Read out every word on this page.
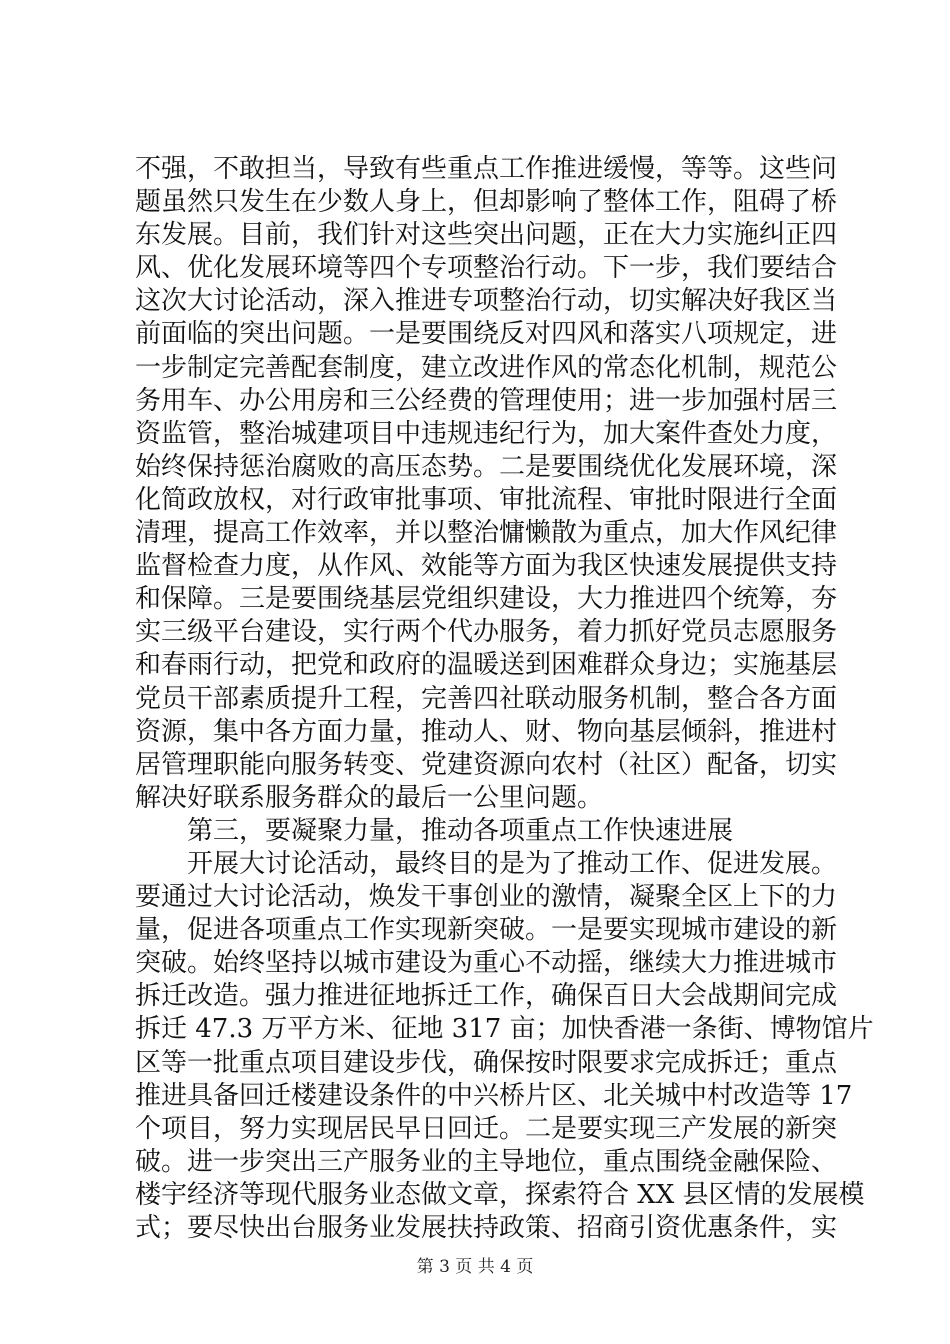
不强，不敢担当，导致有些重点工作推进缓慢，等等。这些问
题虽然只发生在少数人身上，但却影响了整体工作，阻碍了桥
东发展。目前，我们针对这些突出问题，正在大力实施纠正四
风、优化发展环境等四个专项整治行动。下一步，我们要结合
这次大讨论活动，深入推进专项整治行动，切实解决好我区当
前面临的突出问题。一是要围绕反对四风和落实八项规定，进
一步制定完善配套制度，建立改进作风的常态化机制，规范公
务用车、办公用房和三公经费的管理使用；进一步加强村居三
资监管，整治城建项目中违规违纪行为，加大案件查处力度，
始终保持惩治腐败的高压态势。二是要围绕优化发展环境，深
化简政放权，对行政审批事项、审批流程、审批时限进行全面
清理，提高工作效率，并以整治慵懒散为重点，加大作风纪律
监督检查力度，从作风、效能等方面为我区快速发展提供支持
和保障。三是要围绕基层党组织建设，大力推进四个统筹，夯
实三级平台建设，实行两个代办服务，着力抓好党员志愿服务
和春雨行动，把党和政府的温暖送到困难群众身边；实施基层
党员干部素质提升工程，完善四社联动服务机制，整合各方面
资源，集中各方面力量，推动人、财、物向基层倾斜，推进村
居管理职能向服务转变、党建资源向农村（社区）配备，切实
解决好联系服务群众的最后一公里问题。
第三，要凝聚力量，推动各项重点工作快速进展
开展大讨论活动，最终目的是为了推动工作、促进发展。
要通过大讨论活动，焕发干事创业的激情，凝聚全区上下的力
量，促进各项重点工作实现新突破。一是要实现城市建设的新
突破。始终坚持以城市建设为重心不动摇，继续大力推进城市
拆迁改造。强力推进征地拆迁工作，确保百日大会战期间完成
拆迁 47.3 万平方米、征地 317 亩；加快香港一条街、博物馆片
区等一批重点项目建设步伐，确保按时限要求完成拆迁；重点
推进具备回迁楼建设条件的中兴桥片区、北关城中村改造等 17
个项目，努力实现居民早日回迁。二是要实现三产发展的新突
破。进一步突出三产服务业的主导地位，重点围绕金融保险、
楼宇经济等现代服务业态做文章，探索符合 XX 县区情的发展模
式；要尽快出台服务业发展扶持政策、招商引资优惠条件，实
第 3 页 共 4 页
